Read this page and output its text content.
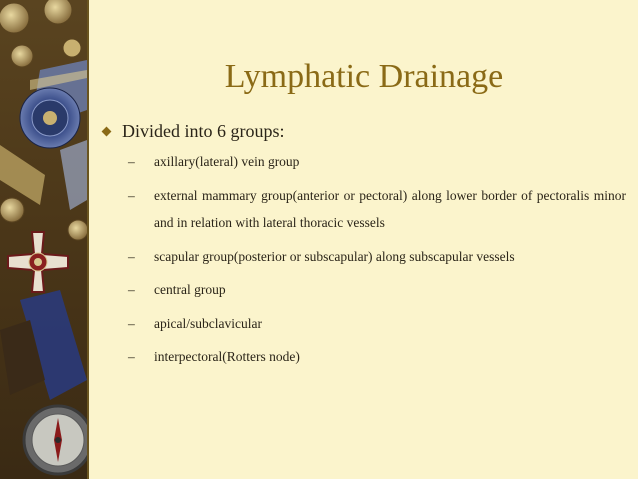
Lymphatic Drainage
Divided into 6 groups:
– axillary(lateral) vein group
– external mammary group(anterior or pectoral) along lower border of pectoralis minor and in relation with lateral thoracic vessels
– scapular group(posterior or subscapular) along subscapular vessels
– central group
– apical/subclavicular
– interpectoral(Rotters node)
